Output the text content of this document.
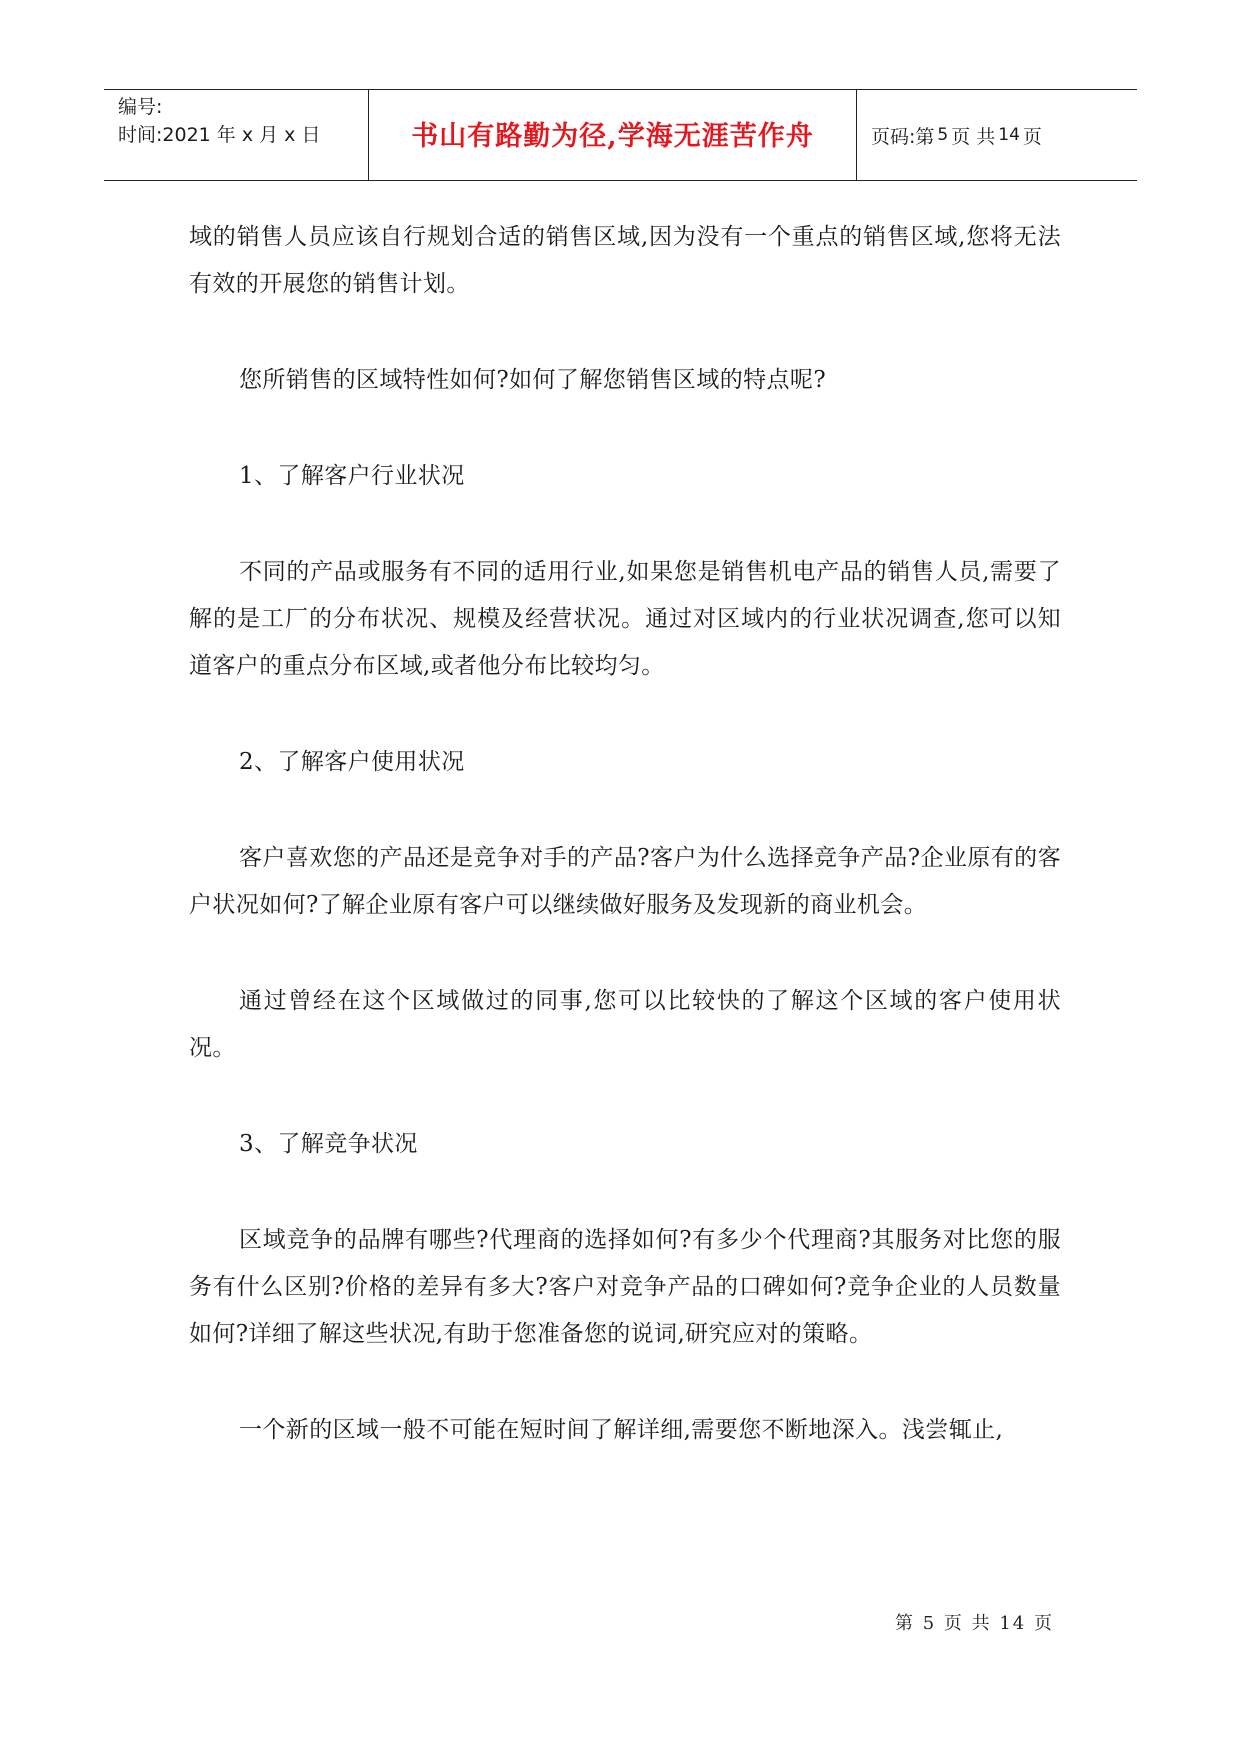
编号:
时间:2021 年 x 月 x 日	书山有路勤为径,学海无涯苦作舟	页码:第 5 页 共 14 页

域的销售人员应该自行规划合适的销售区域,因为没有一个重点的销售区域,您将无法有效的开展您的销售计划。

您所销售的区域特性如何?如何了解您销售区域的特点呢?

1、了解客户行业状况

不同的产品或服务有不同的适用行业,如果您是销售机电产品的销售人员,需要了解的是工厂的分布状况、规模及经营状况。通过对区域内的行业状况调查,您可以知道客户的重点分布区域,或者他分布比较均匀。

2、了解客户使用状况

客户喜欢您的产品还是竞争对手的产品?客户为什么选择竞争产品?企业原有的客户状况如何?了解企业原有客户可以继续做好服务及发现新的商业机会。

通过曾经在这个区域做过的同事,您可以比较快的了解这个区域的客户使用状况。

3、了解竞争状况

区域竞争的品牌有哪些?代理商的选择如何?有多少个代理商?其服务对比您的服务有什么区别?价格的差异有多大?客户对竞争产品的口碑如何?竞争企业的人员数量如何?详细了解这些状况,有助于您准备您的说词,研究应对的策略。

一个新的区域一般不可能在短时间了解详细,需要您不断地深入。浅尝辄止,

第 5 页 共 14 页
